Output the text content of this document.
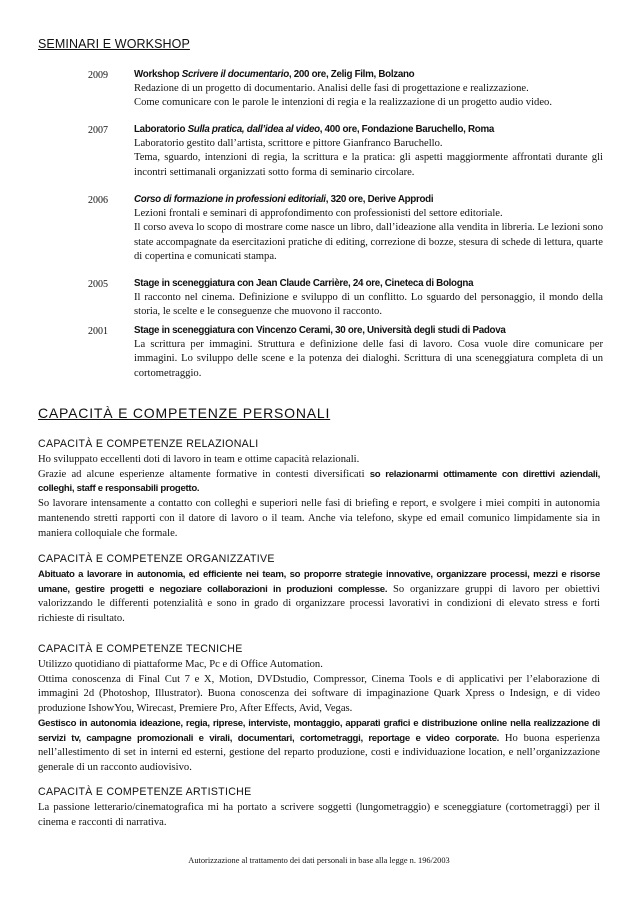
SEMINARI E WORKSHOP
2009	Workshop Scrivere il documentario, 200 ore, Zelig Film, Bolzano

Redazione di un progetto di documentario. Analisi delle fasi di progettazione e realizzazione.

Come comunicare con le parole le intenzioni di regia e la realizzazione di un progetto audio video.

2007	Laboratorio Sulla pratica, dall’idea al video, 400 ore, Fondazione Baruchello, Roma

Laboratorio gestito dall’artista, scrittore e pittore Gianfranco Baruchello.

Tema, sguardo, intenzioni di regia, la scrittura e la pratica: gli aspetti maggiormente affrontati durante gli incontri settimanali organizzati sotto forma di seminario circolare.

2006	Corso di formazione in professioni editoriali, 320 ore, Derive Approdi

Lezioni frontali e seminari di approfondimento con professionisti del settore editoriale.

Il corso aveva lo scopo di mostrare come nasce un libro, dall’ideazione alla vendita in libreria. Le lezioni sono state accompagnate da esercitazioni pratiche di editing, correzione di bozze, stesura di schede di lettura, quarte di copertina e comunicati stampa.

2005	Stage in sceneggiatura con Jean Claude Carrière, 24 ore, Cineteca di Bologna

Il racconto nel cinema. Definizione e sviluppo di un conflitto. Lo sguardo del personaggio, il mondo della storia, le scelte e le conseguenze che muovono il racconto.

2001	Stage in sceneggiatura con Vincenzo Cerami, 30 ore, Università degli studi di Padova

La scrittura per immagini. Struttura e definizione delle fasi di lavoro. Cosa vuole dire comunicare per immagini. Lo sviluppo delle scene e la potenza dei dialoghi. Scrittura di una sceneggiatura completa di un cortometraggio.

CAPACITÀ E COMPETENZE PERSONALI
CAPACITÀ E COMPETENZE RELAZIONALI

Ho sviluppato eccellenti doti di lavoro in team e ottime capacità relazionali.

Grazie ad alcune esperienze altamente formative in contesti diversificati so relazionarmi ottimamente con direttivi aziendali, colleghi, staff e responsabili progetto.

So lavorare intensamente a contatto con colleghi e superiori nelle fasi di briefing e report, e svolgere i miei compiti in autonomia mantenendo stretti rapporti con il datore di lavoro o il team. Anche via telefono, skype ed email comunico limpidamente sia in maniera colloquiale che formale.

CAPACITÀ E COMPETENZE ORGANIZZATIVE

Abituato a lavorare in autonomia, ed efficiente nei team, so proporre strategie innovative, organizzare processi, mezzi e risorse umane, gestire progetti e negoziare collaborazioni in produzioni complesse. So organizzare gruppi di lavoro per obiettivi valorizzando le differenti potenzialità e sono in grado di organizzare processi lavorativi in condizioni di elevato stress e forti richieste di risultato.

CAPACITÀ E COMPETENZE TECNICHE

Utilizzo quotidiano di piattaforme Mac, Pc e di Office Automation.

Ottima conoscenza di Final Cut 7 e X, Motion, DVDstudio, Compressor, Cinema Tools e di applicativi per l’elaborazione di immagini 2d (Photoshop, Illustrator). Buona conoscenza dei software di impaginazione Quark Xpress o Indesign, e di video produzione IshowYou, Wirecast, Premiere Pro, After Effects, Avid, Vegas.

Gestisco in autonomia ideazione, regia, riprese, interviste, montaggio, apparati grafici e distribuzione online nella realizzazione di servizi tv, campagne promozionali e virali, documentari, cortometraggi, reportage e video corporate. Ho buona esperienza nell’allestimento di set in interni ed esterni, gestione del reparto produzione, costi e individuazione location, e nell’organizzazione generale di un racconto audiovisivo.

CAPACITÀ E COMPETENZE ARTISTICHE

La passione letterario/cinematografica mi ha portato a scrivere soggetti (lungometraggio) e sceneggiature (cortometraggi) per il cinema e racconti di narrativa.

Autorizzazione al trattamento dei dati personali in base alla legge n. 196/2003
